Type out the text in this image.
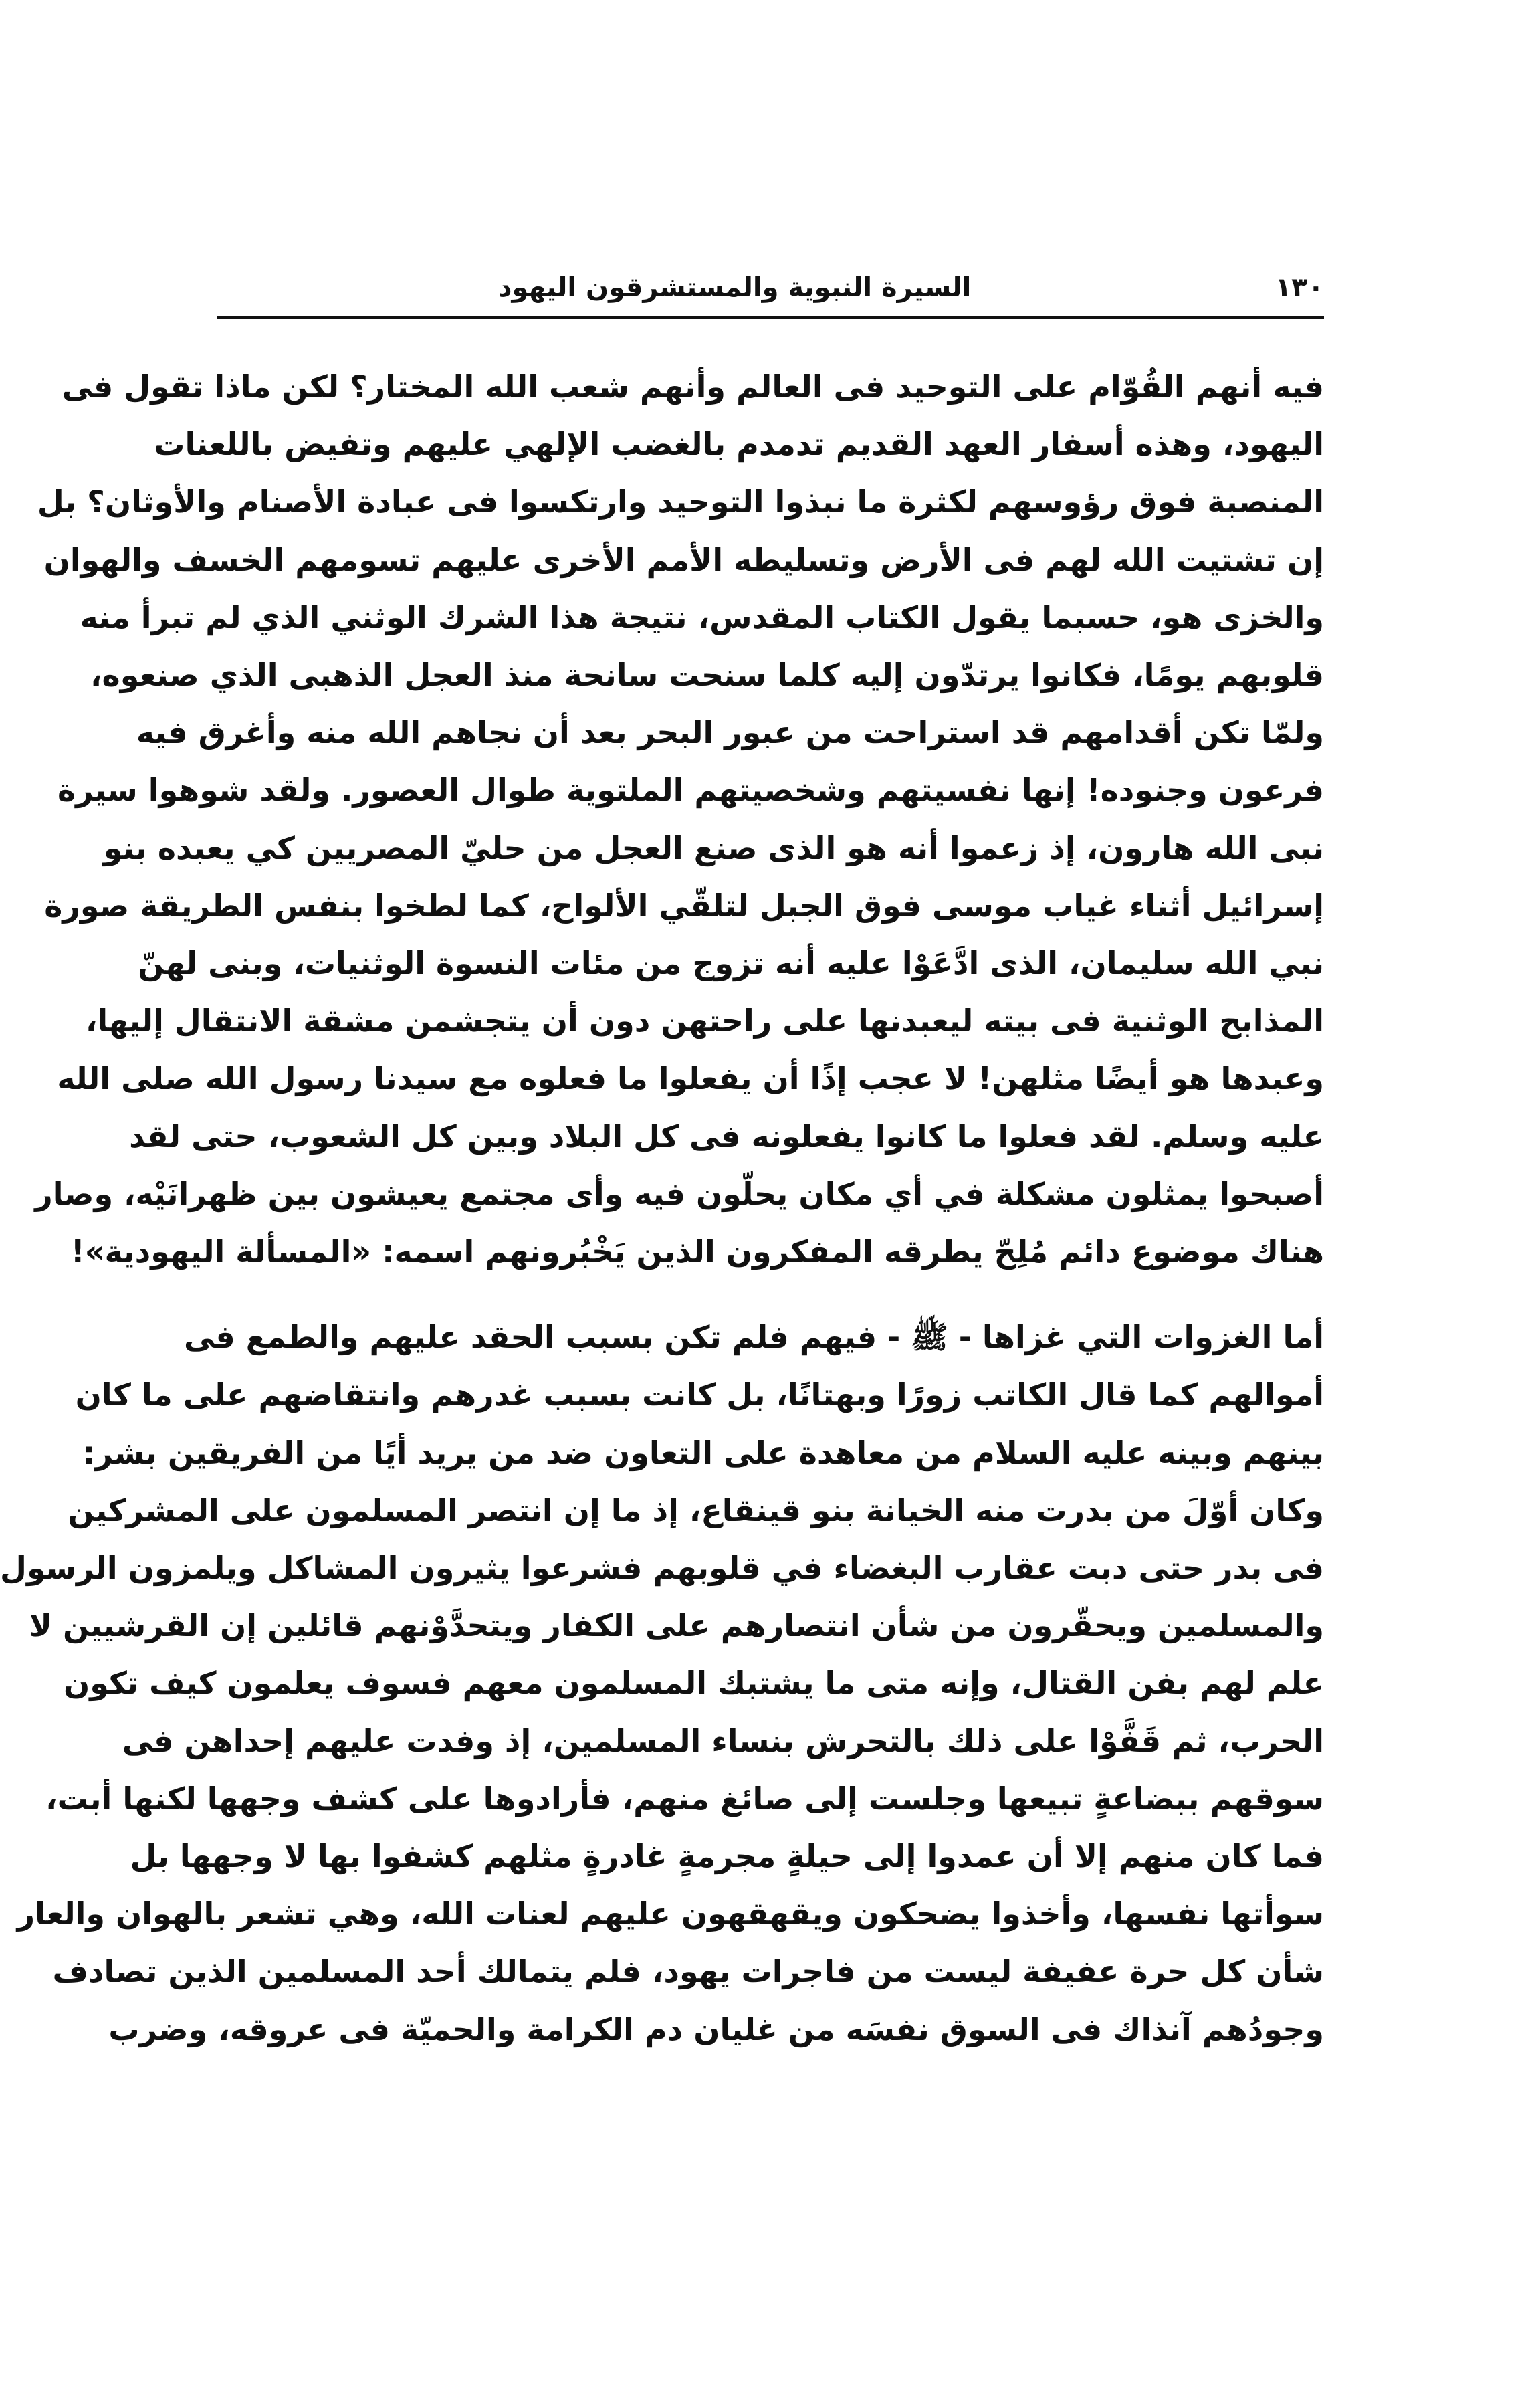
١٣٠
السيرة النبوية والمستشرقون اليهود
فيه أنهم القُوّام على التوحيد فى العالم وأنهم شعب الله المختار؟ لكن ماذا تقول فى
اليهود، وهذه أسفار العهد القديم تدمدم بالغضب الإلهي عليهم وتفيض باللعنات
المنصبة فوق رؤوسهم لكثرة ما نبذوا التوحيد وارتكسوا فى عبادة الأصنام والأوثان؟ بل
إن تشتيت الله لهم فى الأرض وتسليطه الأمم الأخرى عليهم تسومهم الخسف والهوان
والخزى هو، حسبما يقول الكتاب المقدس، نتيجة هذا الشرك الوثني الذي لم تبرأ منه
قلوبهم يومًا، فكانوا يرتدّون إليه كلما سنحت سانحة منذ العجل الذهبى الذي صنعوه،
ولمّا تكن أقدامهم قد استراحت من عبور البحر بعد أن نجاهم الله منه وأغرق فيه
فرعون وجنوده! إنها نفسيتهم وشخصيتهم الملتوية طوال العصور. ولقد شوهوا سيرة
نبى الله هارون، إذ زعموا أنه هو الذى صنع العجل من حليّ المصريين كي يعبده بنو
إسرائيل أثناء غياب موسى فوق الجبل لتلقّي الألواح، كما لطخوا بنفس الطريقة صورة
نبي الله سليمان، الذى ادَّعَوْا عليه أنه تزوج من مئات النسوة الوثنيات، وبنى لهنّ
المذابح الوثنية فى بيته ليعبدنها على راحتهن دون أن يتجشمن مشقة الانتقال إليها،
وعبدها هو أيضًا مثلهن! لا عجب إذًا أن يفعلوا ما فعلوه مع سيدنا رسول الله صلى الله
عليه وسلم. لقد فعلوا ما كانوا يفعلونه فى كل البلاد وبين كل الشعوب، حتى لقد
أصبحوا يمثلون مشكلة في أي مكان يحلّون فيه وأى مجتمع يعيشون بين ظهرانَيْه، وصار
هناك موضوع دائم مُلِحّ يطرقه المفكرون الذين يَخْبُرونهم اسمه: «المسألة اليهودية»!
أما الغزوات التي غزاها - ﷺ - فيهم فلم تكن بسبب الحقد عليهم والطمع فى
أموالهم كما قال الكاتب زورًا وبهتانًا، بل كانت بسبب غدرهم وانتقاضهم على ما كان
بينهم وبينه عليه السلام من معاهدة على التعاون ضد من يريد أيًا من الفريقين بشر:
وكان أوّلَ من بدرت منه الخيانة بنو قينقاع، إذ ما إن انتصر المسلمون على المشركين
فى بدر حتى دبت عقارب البغضاء في قلوبهم فشرعوا يثيرون المشاكل ويلمزون الرسول
والمسلمين ويحقّرون من شأن انتصارهم على الكفار ويتحدَّوْنهم قائلين إن القرشيين لا
علم لهم بفن القتال، وإنه متى ما يشتبك المسلمون معهم فسوف يعلمون كيف تكون
الحرب، ثم قَفَّوْا على ذلك بالتحرش بنساء المسلمين، إذ وفدت عليهم إحداهن فى
سوقهم ببضاعةٍ تبيعها وجلست إلى صائغ منهم، فأرادوها على كشف وجهها لكنها أبت،
فما كان منهم إلا أن عمدوا إلى حيلةٍ مجرمةٍ غادرةٍ مثلهم كشفوا بها لا وجهها بل
سوأتها نفسها، وأخذوا يضحكون ويقهقهون عليهم لعنات الله، وهي تشعر بالهوان والعار
شأن كل حرة عفيفة ليست من فاجرات يهود، فلم يتمالك أحد المسلمين الذين تصادف
وجودُهم آنذاك فى السوق نفسَه من غليان دم الكرامة والحميّة فى عروقه، وضرب
